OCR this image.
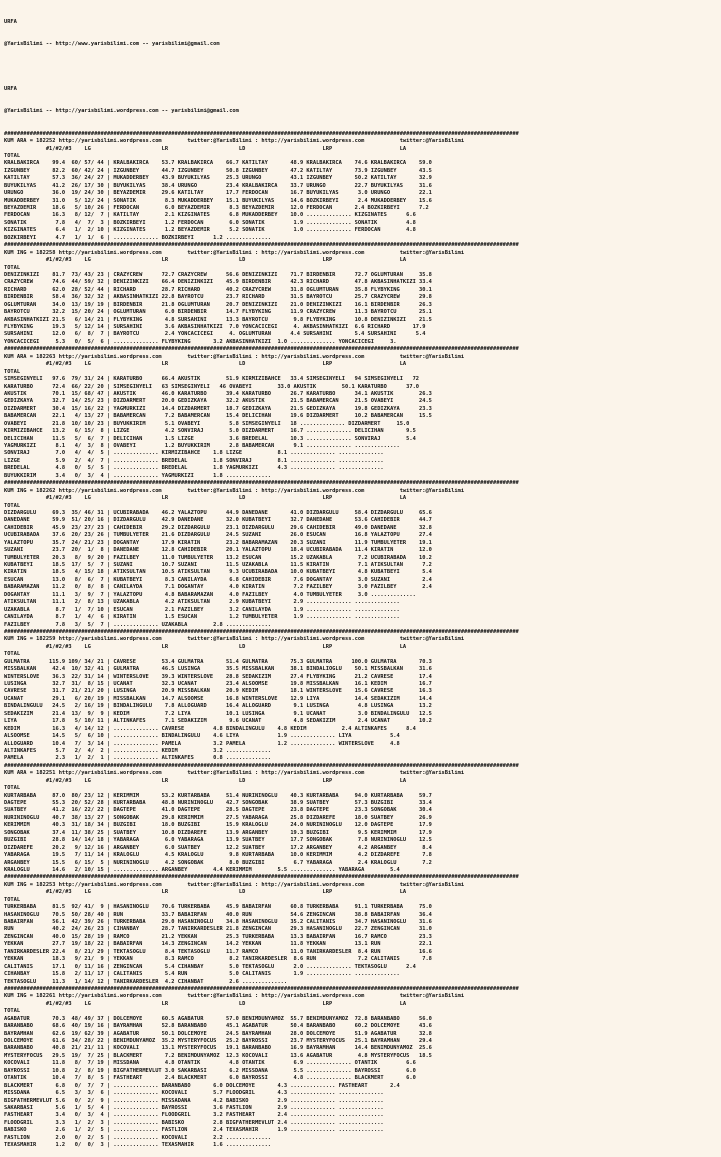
URFA

@YarisBilimi -- http://www.yarisbilimi.com -- yarisbilimi@gmail.com

URFA

@YarisBilimi -- http://yarisbilimi.wordpress.com -- yarisbilimi@gmail.com

################################################################################################################################################################
KUM ARA = 182252 http://yarisbilimi.wordpress.com        twitter:@YarisBilimi : http://yarisbilimi.wordpress.com           twitter:@YarisBilimi
#1/#2/#3    LG                      LR                      LD                        LRP                     LA
TOTAL
KRALBAKIRCA    99.4  60/ 57/ 44 | KRALBAKIRCA    53.7 KRALBAKIRCA    66.7 KATILTAY       48.9 KRALBAKIRCA    74.6 KRALBAKIRCA    59.0
IZGUNBEY       82.2  60/ 42/ 24 | IZGUNBEY       44.7 IZGUNBEY       50.8 IZGUNBEY       47.2 KATILTAY       73.9 IZGUNBEY       43.5
KATILTAY       57.3  36/ 24/ 27 | MUKADDERBEY    43.9 BUYUKILYAS     25.3 URUNGO         43.1 IZGUNBEY       50.2 KATILTAY       32.9
BUYUKILYAS     41.2  26/ 17/ 30 | BUYUKILYAS     38.4 URUNGO         23.4 KRALBAKIRCA    33.7 URUNGO         22.7 BUYUKILYAS     31.6
URUNGO         36.0  19/ 24/ 30 | BEYAZDEMIR     29.6 KATILTAY       17.7 FERDOCAN       16.7 BUYUKILYAS      3.0 URUNGO         22.1
MUKADDERBEY    31.0   5/ 12/ 24 | SONATIK         8.3 MUKADDERBEY    15.1 BUYUKILYAS     14.6 BOZKIRBEYI      2.4 MUKADDERBEY    15.6
BEYAZDEMIR     18.6   5/ 10/ 26 | FERDOCAN        6.0 BEYAZDEMIR      8.3 BEYAZDEMIR     12.0 FERDOCAN       2.4 BOZKIRBEYI      7.2
FERDOCAN       16.3   8/ 12/  7 | KATILTAY        2.1 KIZGINATES      6.8 MUKADDERBEY    10.0 .............. KIZGINATES      6.6
SONATIK         7.8   4/  7/  3 | BOZKIRBEYI      1.2 FERDOCAN        6.0 SONATIK         1.9 .............. SONATIK         4.8
KIZGINATES      6.4   1/  2/ 10 | KIZGINATES      1.2 BEYAZDEMIR      5.2 SONATIK         1.0 .............. FERDOCAN        4.8
BOZKIRBEYI      4.7   1/  1/  6 | .............. BOZKIRBEYI      1.2 ..............
################################################################################################################################################################
KUM ING = 182258 http://yarisbilimi.wordpress.com        twitter:@YarisBilimi : http://yarisbilimi.wordpress.com           twitter:@YarisBilimi
#1/#2/#3    LG                      LR                      LD                        LRP                     LA
TOTAL
DENIZINKIZI    81.7  73/ 43/ 23 | CRAZYCREW      72.7 CRAZYCREW      56.6 DENIZINKIZI    71.7 BIRDENBIR      72.7 OGLUMTURAN     35.8
CRAZYCREW      74.6  44/ 59/ 32 | DENIZINKIZI    66.4 DENIZINKIZI    45.9 BIRDENBIR      42.3 RICHARD        47.8 AKBASINHATKIZI 33.4
RICHARD        62.0  28/ 52/ 44 | RICHARD        28.7 RICHARD        40.2 CRAZYCREW      31.8 OGLUMTURAN     35.8 FLYBYKING      30.1
BIRDENBIR      58.4  36/ 32/ 32 | AKBASINHATKIZI 22.8 BAYROTCU       23.7 RICHARD        31.5 BAYROTCU       25.7 CRAZYCREW      29.8
OGLUMTURAN     34.0  13/ 19/ 19 | BIRDENBIR      21.8 OGLUMTURAN     20.7 DENIZINKIZI    21.0 DENIZINKIZI    16.1 BIRDENBIR      26.3
BAYROTCU       32.2  15/ 20/ 24 | OGLUMTURAN      6.0 BIRDENBIR      14.7 FLYBYKING      11.9 CRAZYCREW      11.3 BAYROTCU       25.1
AKBASINHATKIZI 21.5   6/ 14/ 21 | FLYBYKING       4.8 SURSAHINI      13.3 BAYROTCU        9.8 FLYBYKING      10.8 DENIZINKIZI    21.5
FLYBYKING      19.3   5/ 12/ 14 | SURSAHINI       3.6 AKBASINHATKIZI  7.0 YONCACICEGI     4. AKBASINHATKIZI  6.6 RICHARD       17.9
SURSAHINI      12.0   6/  8/  7 | BAYROTCU        2.4 YONCACICEGI     4. OGLUMTURAN      4.4 SURSAHINI       5.4 SURSAHINI      5.4
YONCACICEGI     5.3   0/  5/  6 | .............. FLYBYKING       3.2 AKBASINHATKIZI  1.0 .............. YONCACICEGI     3.
################################################################################################################################################################
KUM ARA = 182263 http://yarisbilimi.wordpress.com        twitter:@YarisBilimi : http://yarisbilimi.wordpress.com           twitter:@YarisBilimi
#1/#2/#3    LG                      LR                      LD                        LRP                     LA
TOTAL
SIMSEGINYELI   97.6  79/ 31/ 24 | KARATURBO      66.4 AKUSTIK        51.9 KIRMIZIBAHCE   33.4 SIMSEGINYELI   94 SIMSEGINYELI   72
KARATURBO      72.4  66/ 22/ 20 | SIMSEGINYELI   63 SIMSEGINYELI   46 OVABEYI        33.0 AKUSTIK        50.1 KARATURBO      37.0
AKUSTIK        70.1  15/ 68/ 47 | AKUSTIK        46.0 KARATURBO      39.4 KARATURBO      26.7 KARATURBO      34.1 AKUSTIK        26.3
GEDIZKAYA      32.7  14/ 25/ 23 | DIZDARMERT     20.0 GEDIZKAYA      32.2 AKUSTIK        21.5 BABAMERCAN     21.5 OVABEYI        24.5
DIZDARMERT     30.4  15/ 16/ 22 | YAGMURKIZI     14.4 DIZDARMERT     18.7 GEDIZKAYA      21.5 GEDIZKAYA      19.8 GEDIZKAYA      23.3
BABAMERCAN     22.1   4/ 13/ 27 | BABAMERCAN      7.2 BABAMERCAN     15.4 DELICIHAN      19.6 DIZDARMERT     10.2 BABAMERCAN     15.5
OVABEYI        21.8  10/ 10/ 23 | BUYUKKIRIM      5.1 OVABEYI         5.8 SIMSEGINYELI   18 .............. DIZDARMERT     15.0
KIRMIZIBAHCE   13.2   6/ 15/  8 | LIZGE           4.2 SONVIRAJ        5.0 DIZDARMERT     16.7 .............. DELICIHAN       9.5
DELICIHAN      11.5   5/  6/  7 | DELICIHAN       1.5 LIZGE           3.6 BREDELAL       10.3 .............. SONVIRAJ        5.4
YAGMURKIZI      8.1   4/  3/  8 | OVABEYI         1.2 BUYUKKIRIM      2.8 BABAMERCAN      9.1 .............. ..............
SONVIRAJ        7.0   4/  4/  5 | .............. KIRMIZIBAHCE    1.8 LIZGE           8.1 .............. ..............
LIZGE           5.9   2/  4/  7 | .............. BREDELAL        1.8 SONVIRAJ        8.1 .............. ..............
BREDELAL        4.8   0/  5/  5 | .............. BREDELAL        1.8 YAGMURKIZI      4.3 .............. ..............
BUYUKKIRIM      3.4   0/  3/  4 | .............. YAGMURKIZI      1.8 ..............
################################################################################################################################################################
KUM ING = 182262 http://yarisbilimi.wordpress.com        twitter:@YarisBilimi : http://yarisbilimi.wordpress.com           twitter:@YarisBilimi
#1/#2/#3    LG                      LR                      LD                        LRP                     LA
TOTAL
DIZDARGULU     69.3  35/ 46/ 31 | UCUBIRABADA    46.2 YALAZTOPU      44.9 DANEDANE       41.0 DIZDARGULU     58.4 DIZDARGULU     65.6
DANEDANE       59.9  51/ 20/ 16 | DIZDARGULU     42.9 DANEDANE       32.0 KUBATBEYI      32.7 DANEDANE       53.6 CAHIDEBIR      44.7
CAHIDEBIR      45.9  23/ 27/ 23 | CAHIDEBIR      29.2 DIZDARGULU     23.1 DIZDARGULU     29.6 CAHIDEBIR      49.0 DANEDANE       32.8
UCUBIRABADA    37.6  20/ 23/ 26 | TUMBULYETER    21.6 DIZDARGULU     24.5 SUZANI         26.0 ESUCAN         16.8 YALAZTOPU      27.4
YALAZTOPU      35.7  24/ 21/ 23 | DOGANTAY       17.9 KIRATIN        23.2 BABARAMAZAN    20.3 SUZANI         11.9 TUMBULYETER    19.1
SUZANI         23.7  20/  1/  8 | DANEDANE       12.8 CAHIDEBIR      20.1 YALAZTOPU      18.4 UCUBIRABADA    11.4 KIRATIN        12.0
TUMBULYETER    20.3   8/  9/ 20 | FAZILBEY       11.0 TUMBULYETER    13.2 ESUCAN         15.2 UZAKABLA        7.2 UCUBIRABADA    10.2
KUBATBEYI      18.5  17/  5/  7 | SUZANI         10.7 SUZANI         11.5 UZAKABLA       11.5 KIRATIN         7.1 ATIKSULTAN      7.2
KIRATIN        18.5   4/ 15/ 18 | ATIKSULTAN     10.5 ATIKSULTAN      9.3 UCUBIRABADA    10.0 KUBATBEYI       4.8 KUBATBEYI       5.4
ESUCAN         13.0   8/  6/  7 | KUBATBEYI       8.3 CANILAYDA       6.8 CAHIDEBIR       7.6 DOGANTAY        3.0 SUZANI          2.4
BABARAMAZAN    11.2   0/  8/  8 | CANILAYDA       7.1 DOGANTAY        4.0 KIRATIN         7.2 FAZILBEY        3.0 FAZILBEY        2.4
DOGANTAY       11.1   3/  9/  7 | YALAZTOPU       4.8 BABARAMAZAN     4.0 FAZILBEY        4.0 TUMBULYETER     3.0 ..............
ATIKSULTAN     11.1   2/  8/ 13 | UZAKABLA        4.2 ATIKSULTAN      2.9 KUBATBEYI       2.9 .............. ..............
UZAKABLA        8.7   1/  7/ 10 | ESUCAN          2.1 FAZILBEY        3.2 CANILAYDA       1.9 .............. ..............
CANILAYDA       8.7   1/  4/  6 | KIRATIN         1.5 ESUCAN          1.2 TUMBULYETER     1.9 .............. ..............
FAZILBEY        7.8   3/  5/  7 | .............. UZAKABLA        2.8 ..............
################################################################################################################################################################
KUM ING = 182259 http://yarisbilimi.wordpress.com        twitter:@YarisBilimi : http://yarisbilimi.wordpress.com           twitter:@YarisBilimi
#1/#2/#3    LG                      LR                      LD                        LRP                     LA
TOTAL
GULMATRA      115.9 109/ 34/ 21 | CAVRESE        53.4 GULMATRA       51.4 GULMATRA       75.3 GULMATRA      100.0 GULMATRA       70.3
MISSBALKAN     42.4  10/ 32/ 41 | GULMATRA       46.5 LUSINGA        35.5 MISSBALKAN     38.1 BINDALIOGLU    50.1 MISSBALKAN     31.6
WINTERSLOVE    36.3  22/ 31/ 14 | WINTERSLOVE    39.3 WINTERSLOVE    28.8 SEDAKIZIM      27.4 FLYBYKING      21.2 CAVRESE        17.4
LUSINGA        32.7  31/  8/ 15 | UCANAT         32.3 UCANAT         23.4 ALSOOMSE       19.8 MISSBALKAN     16.1 KEDIM          16.7
CAVRESE        31.7  21/ 21/ 20 | LUSINGA        20.9 MISSBALKAN     20.9 KEDIM          18.1 WINTERSLOVE    15.6 CAVRESE        16.3
UCANAT         29.1   6/ 20/ 19 | MISSBALKAN     14.7 ALSOOMSE       16.8 WINTERSLOVE    12.9 LIYA           14.4 SEDAKIZIM      14.4
BINDALINGULU   24.5   2/ 16/ 19 | BINDALINGULU    7.8 ALLOGUARD      16.4 ALLOGUARD       9.1 LUSINGA         4.8 LUSINGA        13.2
SEDAKIZIM      21.4  13/  9/  9 | KEDIM           7.2 LIYA           10.1 LUSINGA         9.1 UCANAT          3.0 BINDALINGULU   12.5
LIYA           17.8   5/ 10/ 11 | ALTINKAFES      7.1 SEDAKIZIM       9.6 UCANAT          4.8 SEDAKIZIM       2.4 UCANAT         10.2
KEDIM          16.3   4/ 14/ 12 | .............. CAVRESE         4.8 BINDALINGULU    4.8 KEDIM           2.4 ALTINKAFES      8.4
ALSOOMSE       14.5   5/  6/ 10 | .............. BINDALINGULU    4.6 LIYA            1.9 .............. LIYA            5.4
ALLOGUARD      10.4   7/  3/ 14 | .............. PAMELA          3.2 PAMELA          1.2 .............. WINTERSLOVE     4.8
ALTINKAFES      5.7   2/  4/  2 | .............. KEDIM           3.2 ..............
PAMELA          2.3   1/  2/  1 | .............. ALTINKAFES      0.8 ..............
################################################################################################################################################################
KUM ARA = 182251 http://yarisbilimi.wordpress.com        twitter:@YarisBilimi : http://yarisbilimi.wordpress.com           twitter:@YarisBilimi
#1/#2/#3    LG                      LR                      LD                        LRP                     LA
TOTAL
KURTARBABA     87.0  80/ 23/ 12 | KERIMMIM       53.2 KURTARBABA     51.4 NURININOGLU    40.3 KURTARBABA     94.0 KURTARBABA     59.7
DAGTEPE        55.3  20/ 52/ 28 | KURTARBABA     48.8 NURININOGLU    42.7 SONGOBAK       38.9 SUATBEY        57.3 BUZGIBI        33.4
SUATBEY        41.2  16/ 22/ 22 | DAGTEPE        41.0 DAGTEPE        28.5 DAGTEPE        23.8 DAGTEPE        23.3 SONGOBAK       30.4
NURININOGLU    40.7  38/ 13/ 27 | SONGOBAK       29.8 KERIMMIM       27.5 YABARAGA       25.8 DIZDAREFE      18.0 SUATBEY        26.9
KERIMMIM       40.3  31/ 18/ 34 | BUZGIBI        18.0 BUZGIBI        15.9 KRALOGLU       24.0 NURININOGLU    12.0 DAGTEPE        17.9
SONGOBAK       37.4  11/ 38/ 25 | SUATBEY        10.8 DIZDAREFE      13.9 ARGANBEY       19.3 BUZGIBI         9.5 KERIMMIM       17.9
BUZGIBI        28.8  14/ 14/ 18 | YABARAGA        6.0 YABARAGA       13.9 SUATBEY        17.7 SONGOBAK        7.8 NURININOGLU    12.5
DIZDAREFE      20.2   9/ 12/ 16 | ARGANBEY        6.0 SUATBEY        12.2 SUATBEY        17.2 ARGANBEY        4.2 ARGANBEY        8.4
YABARAGA       19.5   7/ 11/ 14 | KRALOGLU        4.5 KRALOGLU        9.8 KURTARBABA     10.0 KERIMMIM        4.2 DIZDAREFE       7.8
ARGANBEY       15.5   6/ 15/  5 | NURININOGLU     4.2 SONGOBAK        8.0 BUZGIBI         6.7 YABARAGA        2.4 KRALOGLU        7.2
KRALOGLU       14.6   2/ 10/ 15 | .............. ARGANBEY        4.4 KERIMMIM        5.5 .............. YABARAGA        5.4
################################################################################################################################################################
KUM ING = 182253 http://yarisbilimi.wordpress.com        twitter:@YarisBilimi : http://yarisbilimi.wordpress.com           twitter:@YarisBilimi
#1/#2/#3    LG                      LR                      LD                        LRP                     LA
TOTAL
TURKERBABA     81.5  92/ 41/  9 | HASANINOGLU    70.6 TURKERBABA     45.9 BABAIRFAN      60.8 TURKERBABA     91.1 TURKERBABA     75.0
HASANINOGLU    70.5  50/ 28/ 40 | RUN            33.7 BABAIRFAN      40.0 RUN            54.6 ZENGINCAN      38.8 BABAIRFAN      36.4
BABAIRFAN      56.1  42/ 39/ 26 | TURKERBABA     29.0 HASANINOGLU    34.8 HASANINOGLU    35.2 CALITANIS      34.7 HASANINOGLU    31.6
RUN            40.2  24/ 26/ 23 | CIHANBAY       28.7 TANIRKARDESLER 21.8 ZENGINCAN      29.3 HASANINOGLU    22.7 ZENGINCAN      31.0
ZENGINCAN      40.0  15/ 28/ 19 | RAMCO          21.2 YEKKAN         25.3 TURKERBABA     13.3 BABAIRFAN      16.7 RAMCO          23.3
YEKKAN         27.7  19/ 18/ 22 | BABAIRFAN      14.3 ZENGINCAN      14.2 YEKKAN         11.8 YEKKAN         13.1 RUN            22.1
TANIRKARDESLER 22.4   8/ 21/ 29 | TEKTASOGLU      8.4 TEKTASOGLU     11.7 RAMCO          11.0 TANIRKARDESLER  8.4 RUN            16.6
YEKKAN         18.3   9/ 21/  9 | YEKKAN          8.3 RAMCO           8.2 TANIRKARDESLER  8.6 RUN             7.2 CALITANIS       7.8
CALITANIS      17.1   0/ 11/ 16 | ZENGINCAN       5.4 CIHANBAY        5.0 TEKTASOGLU      2.0 .............. TEKTASOGLU      2.4
CIHANBAY       15.8   2/ 11/ 17 | CALITANIS       5.4 RUN             5.0 CALITANIS       1.9 .............. ..............
TEKTASOGLU     11.3   1/ 14/ 12 | TANIRKARDESLER  4.2 CIHANBAT        2.6 ..............
################################################################################################################################################################
KUM ING = 182261 http://yarisbilimi.wordpress.com        twitter:@YarisBilimi : http://yarisbilimi.wordpress.com           twitter:@YarisBilimi
#1/#2/#3    LG                      LR                      LD                        LRP                     LA
TOTAL
AGABATUR       70.3  48/ 49/ 37 | DOLCEMOYE      60.5 AGABATUR       57.0 BENIMDUNYAMOZ  55.7 BENIMDUNYAMOZ  72.8 BARANBABO      56.0
BARANBABO      68.6  40/ 19/ 16 | BAYRAMHAN      52.8 BARANBABO      45.1 AGABATUR       50.4 BARANBABO      60.2 DOLCEMOYE      43.6
BAYRAMHAN      62.6  19/ 62/ 39 | AGABATUR       50.1 DOLCEMOYE      24.5 BAYRAMHAN      28.0 DOLCEMOYE      51.9 AGABATUR       32.8
DOLCEMOYE      61.6  34/ 28/ 22 | BENIMDUNYAMOZ  35.2 MYSTERYFOCUS   25.2 BAYROSSI       23.7 MYSTERYFOCUS   25.1 BAYRAMHAN      29.4
BARANBABO      40.8  21/ 21/ 11 | KOCOVALI       13.1 MYSTERYFOCUS   19.1 BARANBABO      16.9 BAYRAMHAN      14.4 BENIMDUNYAMOZ  25.6
MYSTERYFOCUS   29.5  19/  7/ 25 | BLACKMERT       7.2 BENIMDUNYAMOZ  12.3 KOCOVALI       13.6 AGABATUR        4.8 MYSTERYFOCUS   18.5
KOCOVALI       11.8   8/  7/ 19 | MISSDANA        4.8 OTANTIK         4.8 OTANTIK         6.9 .............. OTANTIK         6.6
BAYROSSI       10.8   2/  8/ 19 | BIGFATHERMEVLUT 3.0 SAKARBASI       6.2 MISSDANA        5.5 .............. BAYROSSI        6.0
OTANTIK        10.4   7/  8/  5 | FASTHEART       2.4 BLACKMERT       6.0 BAYROSSI        4.8 .............. BLACKMERT       6.0
BLACKMERT       6.8   0/  7/  7 | .............. BARANBABO       6.0 DOLCEMOYE       4.3 .............. FASTHEART       2.4
MISSDANA        6.5   3/  3/  6 | .............. KOCOVALI        5.7 FLOODGRIL       4.3 .............. ..............
BIGFATHERMEVLUT 5.6   0/  2/  9 | .............. MISSADANA       4.2 BABISKO         2.9 .............. ..............
SAKARBASI       5.6   1/  5/  4 | .............. BAYROSSI        3.6 FASTLION        2.9 .............. ..............
FASTHEART       3.4   0/  3/  4 | .............. FLOODGRIL       3.2 FASTHEART       2.4 .............. ..............
FLOODGRIL       3.3   1/  2/  3 | .............. BABISKO         2.8 BIGFATHERMEVLUT 2.4 .............. ..............
BABISKO         2.6   1/  2/  5 | .............. FASTLION        2.4 TEXASMAHIR      1.9 .............. ..............
FASTLION        2.0   0/  2/  5 | .............. KOCOVALI        2.2 ..............
TEXASMAHIR      1.2   0/  0/  3 | .............. TEXASMAHIR      1.6 ..............
